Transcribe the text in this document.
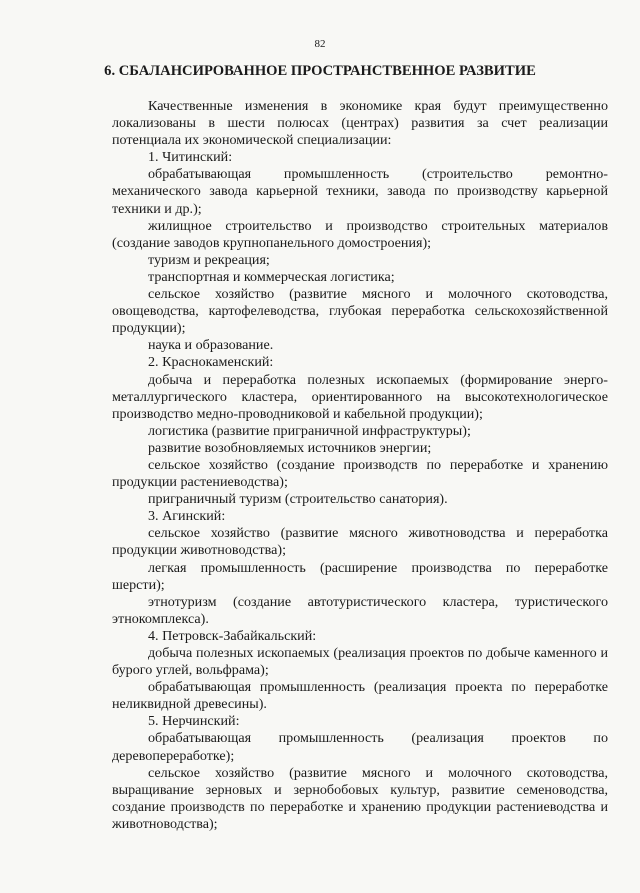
82
6. СБАЛАНСИРОВАННОЕ ПРОСТРАНСТВЕННОЕ РАЗВИТИЕ

Качественные изменения в экономике края будут преимущественно локализованы в шести полюсах (центрах) развития за счет реализации потенциала их экономической специализации:

1. Читинский:

обрабатывающая промышленность (строительство ремонтно-механического завода карьерной техники, завода по производству карьерной техники и др.);

жилищное строительство и производство строительных материалов (создание заводов крупнопанельного домостроения);

туризм и рекреация;

транспортная и коммерческая логистика;

сельское хозяйство (развитие мясного и молочного скотоводства, овощеводства, картофелеводства, глубокая переработка сельскохозяйственной продукции);

наука и образование.

2. Краснокаменский:

добыча и переработка полезных ископаемых (формирование энерго-металлургического кластера, ориентированного на высокотехнологическое производство медно-проводниковой и кабельной продукции);

логистика (развитие приграничной инфраструктуры);

развитие возобновляемых источников энергии;

сельское хозяйство (создание производств по переработке и хранению продукции растениеводства);

приграничный туризм (строительство санатория).

3. Агинский:

сельское хозяйство (развитие мясного животноводства и переработка продукции животноводства);

легкая промышленность (расширение производства по переработке шерсти);

этнотуризм (создание автотуристического кластера, туристического этнокомплекса).

4. Петровск-Забайкальский:

добыча полезных ископаемых (реализация проектов по добыче каменного и бурого углей, вольфрама);

обрабатывающая промышленность (реализация проекта по переработке неликвидной древесины).

5. Нерчинский:

обрабатывающая промышленность (реализация проектов по деревопереработке);

сельское хозяйство (развитие мясного и молочного скотоводства, выращивание зерновых и зернобобовых культур, развитие семеноводства, создание производств по переработке и хранению продукции растениеводства и животноводства);
